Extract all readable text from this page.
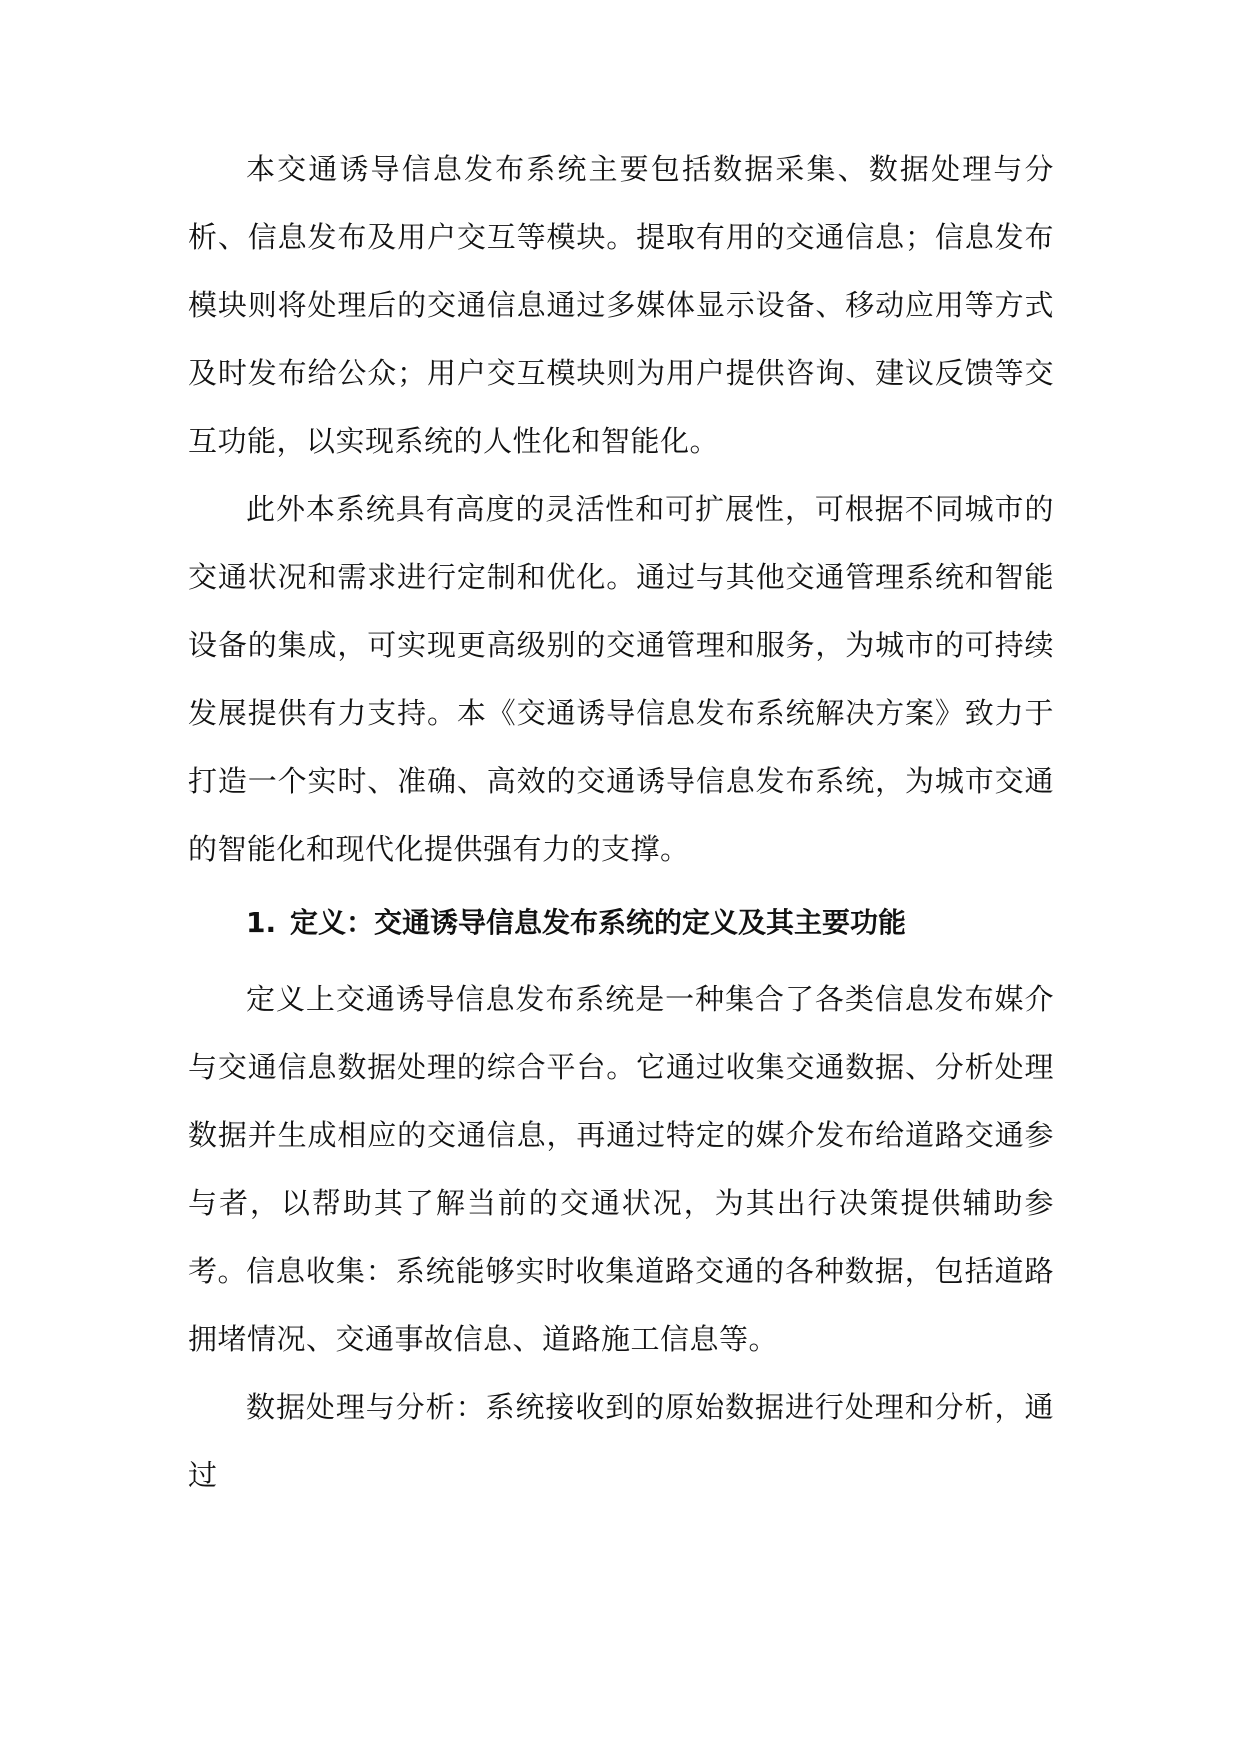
本交通诱导信息发布系统主要包括数据采集、数据处理与分析、信息发布及用户交互等模块。提取有用的交通信息；信息发布模块则将处理后的交通信息通过多媒体显示设备、移动应用等方式及时发布给公众；用户交互模块则为用户提供咨询、建议反馈等交互功能，以实现系统的人性化和智能化。

此外本系统具有高度的灵活性和可扩展性，可根据不同城市的交通状况和需求进行定制和优化。通过与其他交通管理系统和智能设备的集成，可实现更高级别的交通管理和服务，为城市的可持续发展提供有力支持。本《交通诱导信息发布系统解决方案》致力于打造一个实时、准确、高效的交通诱导信息发布系统，为城市交通的智能化和现代化提供强有力的支撑。

1. 定义：交通诱导信息发布系统的定义及其主要功能

定义上交通诱导信息发布系统是一种集合了各类信息发布媒介与交通信息数据处理的综合平台。它通过收集交通数据、分析处理数据并生成相应的交通信息，再通过特定的媒介发布给道路交通参与者，以帮助其了解当前的交通状况，为其出行决策提供辅助参考。

信息收集：系统能够实时收集道路交通的各种数据，包括道路拥堵情况、交通事故信息、道路施工信息等。

数据处理与分析：系统接收到的原始数据进行处理和分析，通过
